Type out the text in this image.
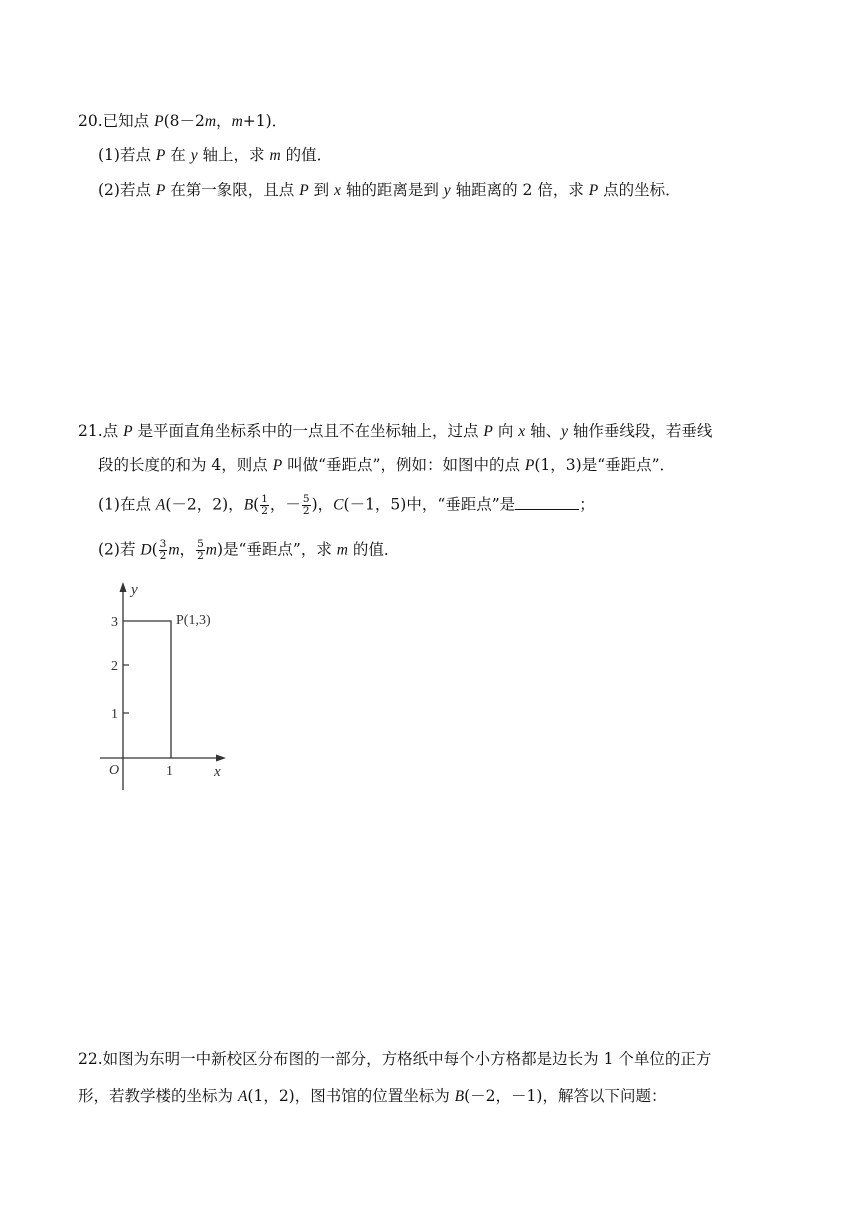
20.已知点 P(8－2m，m+1)．
(1)若点 P 在 y 轴上，求 m 的值．
(2)若点 P 在第一象限，且点 P 到 x 轴的距离是到 y 轴距离的 2 倍，求 P 点的坐标．
21.点 P 是平面直角坐标系中的一点且不在坐标轴上，过点 P 向 x 轴、y 轴作垂线段，若垂线
段的长度的和为 4，则点 P 叫做“垂距点”，例如：如图中的点 P(1，3)是“垂距点”．
(1)在点 A(－2，2)，$B( \frac{1}{2}$ ，－ $\frac{5}{2}$ )，C(－1，5)中，“垂距点”是	；
(2)若 $D( \frac{3}{2}$ m， $\frac{5}{2} m$)是“垂距点”，求 m 的值．
y
x
O
3
2
1
1
P(1,3)
22.如图为东明一中新校区分布图的一部分，方格纸中每个小方格都是边长为 1 个单位的正方
形，若教学楼的坐标为 A(1，2)，图书馆的位置坐标为 B(－2，－1)，解答以下问题：
